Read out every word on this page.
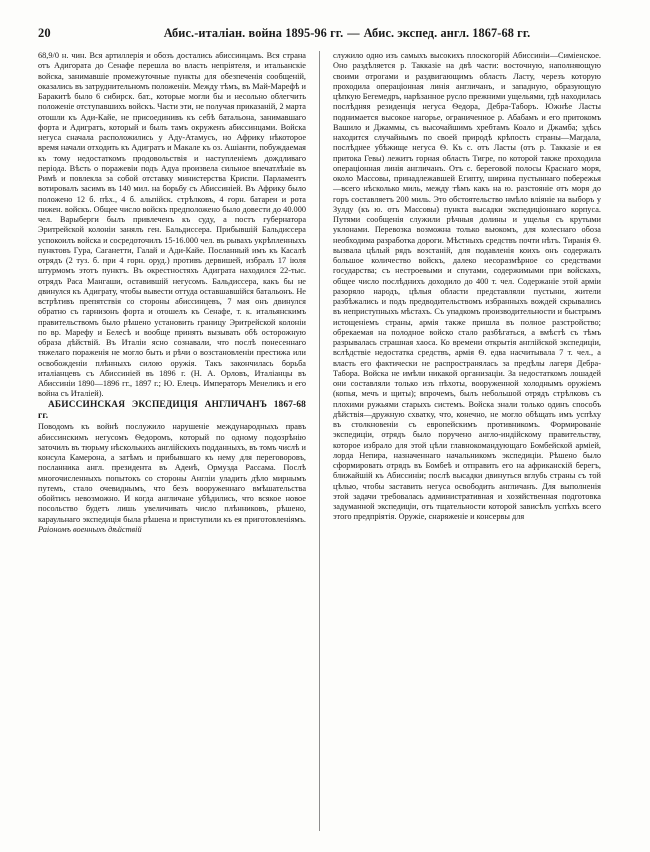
20	Абис.-италіан. война 1895-96 гг. — Абис. экспед. англ. 1867-68 гг.

68,9/0 н. чин. Вся артиллерія и обозъ достались абиссинцамъ. Вся страна отъ Адигората до Сенафе перешла во власть непріятеля, и итальанскіе войска, занимавшіе промежуточные пункты для обезпеченія сообщеній, оказались въ затруднительномъ положеніи. Между тѣмъ, въ Май-Марефѣ и Баракитѣ было 6 сибирск. бат., которые могли бы и несольно облегчить положеніе отступавшихъ войскъ. Части эти, не получая приказаній, 2 марта отошли къ Ади-Кайе, не присоединивъ къ себѣ батальона, занимавшаго форта и Адигратъ, который и былъ тамъ окруженъ абиссинцами. Войска негуса сначала расположились у Аду-Атамусъ, но Африку нѣкоторое время начали отходить къ Адигратъ и Макале къ оз. Ашіанти, побуждаемая къ тому недостаткомъ продовольствія и наступленіемъ дождливаго періода. Вѣсть о поражевіи подъ Адуа произвела сильное впечатлѣніе въ Римѣ и повлекла за собой отставку министерства Криспи. Парламентъ вотировалъ засимъ въ 140 мил. на борьбу съ Абиссиніей. Въ Африку было положено 12 б. пѣх., 4 б. альпійск. стрѣлковъ, 4 горн. батареи и рота пижен. войскъ. Общее число войскъ предположено было довести до 40.000 чел. Варыберги былъ привлеченъ къ суду, а постъ губернатора Эритрейской колоніи занялъ ген. Бальдиссера. Прибывшій Бальдиссера успокоилъ войска и сосредоточилъ 15-16.000 чел. въ рывахъ укрѣпленныхъ пунктовъ Гура, Саганетти, Галай и Ади-Кайе. Посланный имъ къ Касалѣ отрядъ (2 туз. б. при 4 горн. оруд.) противъ дервишей, избралъ 17 іюля штурмомъ этотъ пунктъ. Въ окрестностяхъ Адиграта находился 22-тыс. отрядъ Раса Мангаши, оставившій негусомъ. Бальдиссера, какъ бы не двинулся къ Адиграту, чтобы вывести оттуда оставшавшійся батальонъ. Не встрѣтивъ препятствія со стороны абиссинцевъ, 7 мая онъ двинулся обратно съ гарнизонъ форта и отошелъ къ Сенафе, т. к. итальянскимъ правительствомъ было рѣшено установить границу Эритрейской колоніи по вр. Марефу и Белесѣ и вообще принять вызывать обѣ осторожную образа дѣйствій. Въ Италіи ясно сознавали, что послѣ понесеннаго тяжелаго пораженія не могло быть и рѣчи о возстановленіи престижа или освобожденіи плѣнныхъ силою оружія. Такъ закончилась борьба италіанцевъ съ Абиссиніей въ 1896 г. (Н. А. Орловъ, Италіанцы въ Абиссиніи 1890—1896 гг., 1897 г.; Ю. Елецъ. Императоръ Менеликъ и его война съ Италіей).

АБИССИНСКАЯ ЭКСПЕДИЦІЯ АНГЛИЧАНЪ 1867-68 гг.

Поводомъ къ войнѣ послужило нарушеніе международныхъ правъ абиссинскимъ негусомъ Ѳедоромъ, который по одному подозрѣнію заточилъ въ тюрьму нѣсколькихъ англійскихъ подданныхъ, въ томъ числѣ и консула Камерона, а затѣмъ и прибывшаго къ нему для переговоровъ, посланника англ. президента въ Адеиѣ, Ормузда Рассама. Послѣ многочисленныхъ попытокъ со стороны Англіи уладить дѣло мирнымъ путемъ, стало очевиднымъ, что безъ вооруженнаго вмѣшательства обойтись невозможно. И когда англичане убѣдились, что всякое новое посольство будетъ лишь увеличивать число плѣнниковъ, рѣшено, караульнаго экспедиція была рѣшена и приступили къ ея приготовленіямъ. Раіономъ военныхъ дѣйствій

служило одно изъ самыхъ высокихъ плоскогорій Абиссиніи—Симіенское. Оно раздѣляется р. Такказіе на двѣ части: восточную, наполняющую своими отрогами и раздвигающимъ область Ласту, черезъ которую проходила операціонная линія англичанъ, и западную, образующую цѣпкую Бегемедръ, нарѣзанное русло прежними ущельями, гдѣ находилась послѣдняя резиденція негуса Ѳедора, Дебра-Таборъ. Южнѣе Ласты поднимается высокое нагорье, ограниченное р. Абабамъ и его притокомъ Вашило и Джаммы, съ высочайшимъ хребтамъ Коало и Джамба; здѣсь находится случайнымъ по своей природѣ крѣпость страны—Магдала, послѣднее убѣжище негуса Ѳ. Къ с. отъ Ласты (отъ р. Такказіе и ея притока Гевы) лежитъ горная область Тигре, по которой также проходила операціонная линія англичанъ. Отъ с. береговой полосы Краснаго моря, около Массовы, принадлежавшей Египту, ширина пустыннаго побережья—всего нѣсколько миль, между тѣмъ какъ на ю. разстояніе отъ моря до горъ составляетъ 200 миль. Это обстоятельство нмѣло вліяніе на выборъ у Зулду (къ ю. отъ Массовы) пункта высадки экспедиціоннаго корпуса. Путями сообщенія служили рѣчныя долины и ущелья съ крутыми уклонами. Перевозка возможна только вьюкомъ, для колеснаго обоза необходима разработка дороги. Мѣстныхъ средствъ почти нѣтъ. Тиранія Ѳ. вызвала цѣлый рядъ возстаній, для подавленія коихъ онъ содержалъ большое количество войскъ, далеко несоразмѣрное со средствами государства; съ нестроевыми и спутами, содержимыми при войскахъ, общее число послѣднихъ доходило до 400 т. чел. Содержаніе этой арміи разоряло народъ, цѣлыя области представляли пустыни, жители разбѣжались и подъ предводительствомъ избранныхъ вождей скрывались въ неприступныхъ мѣстахъ. Съ упадкомъ производительности и быстрымъ истощеніемъ страны, армія также пришла въ полное разстройство; обрекаемая на полодное войско стало разбѣгаться, а вмѣстѣ съ тѣмъ разрывалась страшная хаоса. Ко времени открытія англійской экспедиціи, вслѣдствіе недостатка средствъ, армія Ѳ. едва насчитывала 7 т. чел., а власть его фактически не распространялась за предѣлы лагеря Дебра-Табора. Войска не имѣли никакой организаціи. За недостаткомъ лошадей они составляли только изъ пѣхоты, вооруженной холоднымъ оружіемъ (копья, мечъ и щиты); впрочемъ, былъ небольшой отрядъ стрѣлковъ съ плохими ружьями старыхъ системъ. Войска знали только одинъ способъ дѣйствія—дружную схватку, что, конечно, не могло обѣщать имъ успѣху въ столкновеніи съ европейскимъ противникомъ. Формированіе экспедиціи, отрядъ было поручено англо-индійскому правительству, которое избрало для этой цѣли главнокомандующаго Бомбейской арміей, лорда Непира, назначеннаго начальникомъ экспедиціи. Рѣшено было сформировать отрядъ въ Бомбеѣ и отправить его на африканскій берегъ, ближайшій къ Абиссиніи; послѣ высадки двинуться вглубь страны съ той цѣлью, чтобы заставить негуса освободить англичанъ. Для выполненія этой задачи требовалась административная и хозяйственная подготовка задуманной экспедиціи, отъ тщательности которой зависѣлъ успѣхъ всего этого предпріятія. Оружіе, снаряженіе и консервы для
